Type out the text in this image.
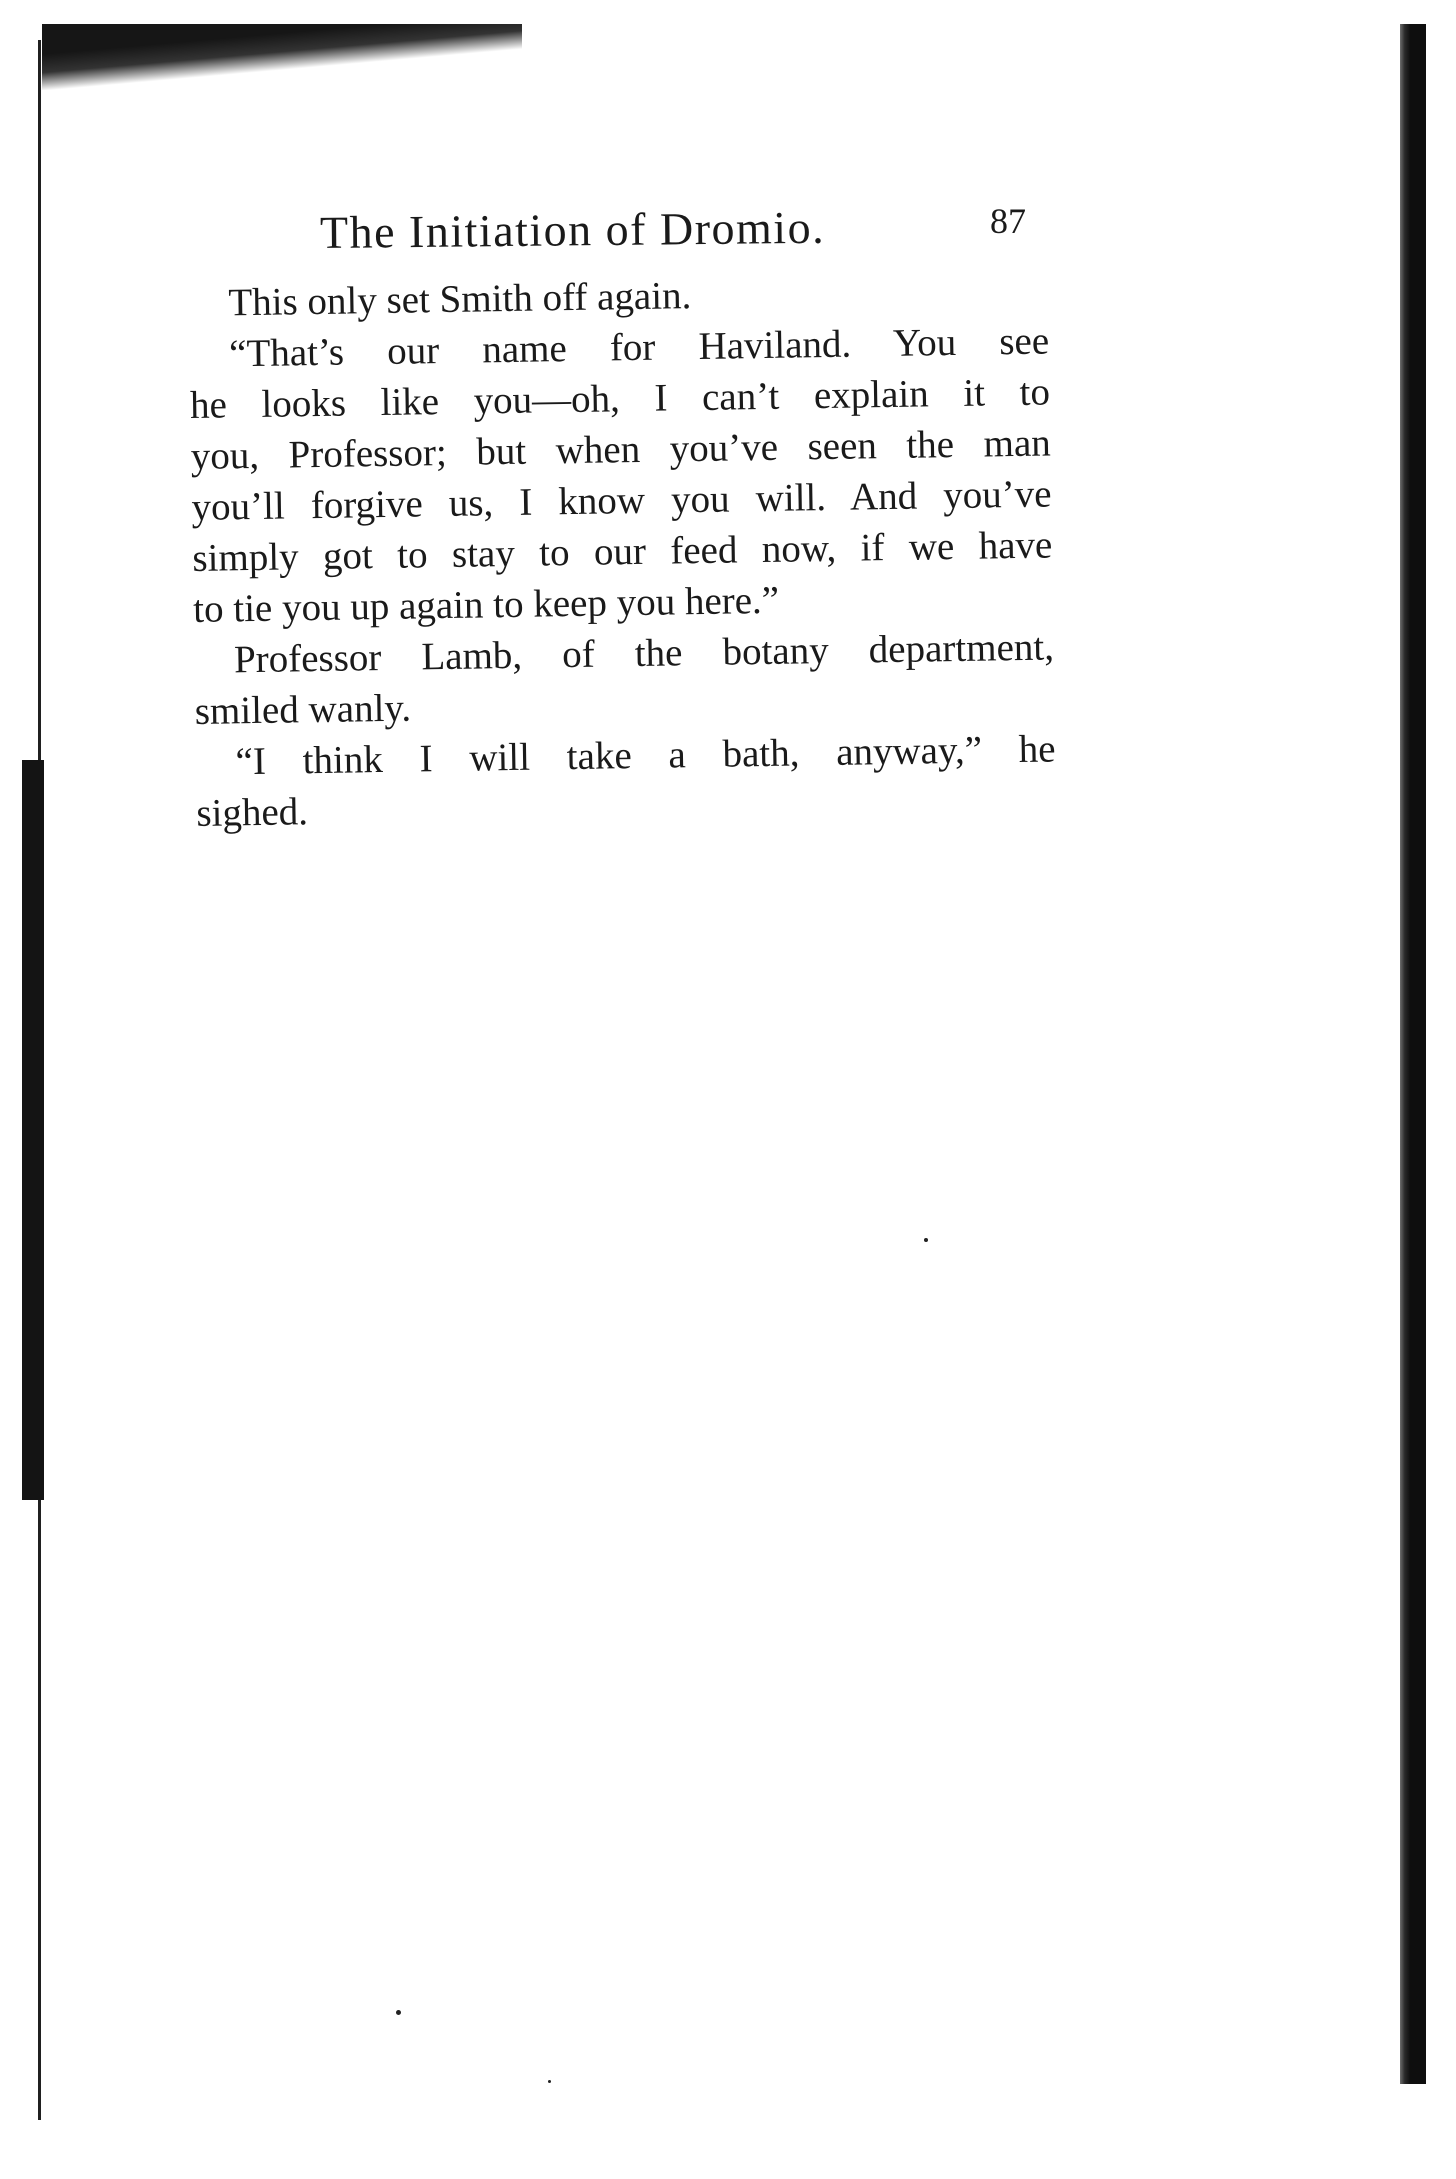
The Initiation of Dromio.	87
This only set Smith off again.
“That’s our name for Haviland. You see
he looks like you—oh, I can’t explain it to
you, Professor; but when you’ve seen the man
you’ll forgive us, I know you will. And you’ve
simply got to stay to our feed now, if we have
to tie you up again to keep you here.”
Professor Lamb, of the botany department,
smiled wanly.
“I think I will take a bath, anyway,” he
sighed.
